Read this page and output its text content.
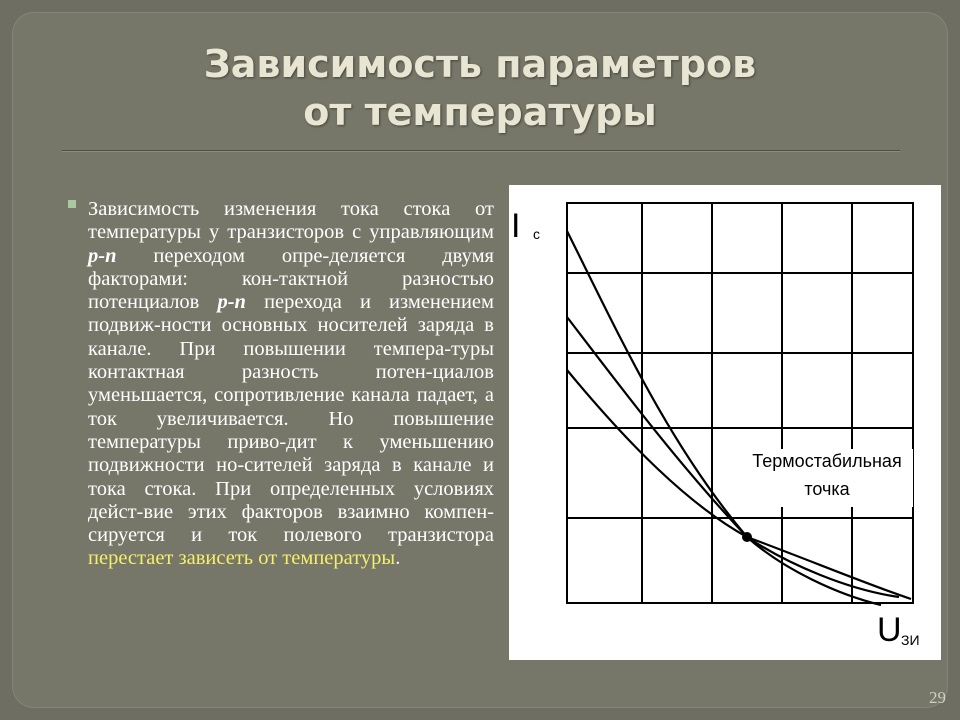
Зависимость параметров
от температуры
Зависимость изменения тока стока от температуры у транзисторов с управляющим p-n переходом опре-деляется двумя факторами: кон-тактной разностью потенциалов p-n перехода и изменением подвиж-ности основных носителей заряда в канале. При повышении темпера-туры контактная разность потен-циалов уменьшается, сопротивление канала падает, а ток увеличивается. Но повышение температуры приво-дит к уменьшению подвижности но-сителей заряда в канале и тока стока. При определенных условиях дейст-вие этих факторов взаимно компен-сируется и ток полевого транзистора перестает зависеть от температуры.
Термостабильная
точка
I c
U ЗИ
29
